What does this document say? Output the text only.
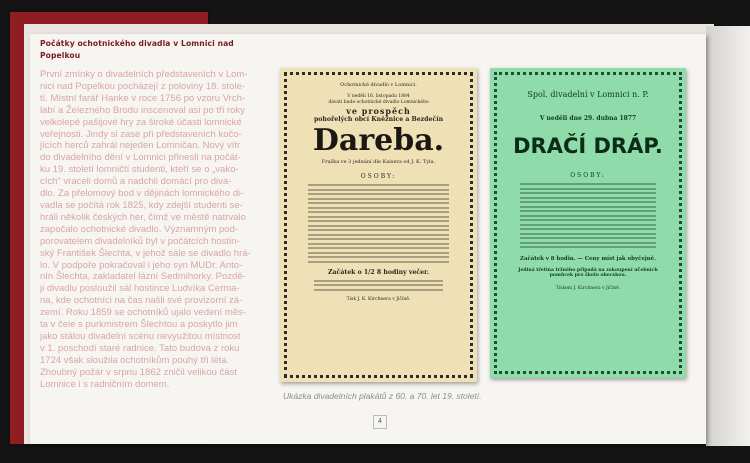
Počátky ochotnického divadla v Lomnici nad Popelkou

První zmínky o divadelních představeních v Lom-
nici nad Popelkou pocházejí z poloviny 18. stole-
tí. Místní farář Hanke v roce 1756 po vzoru Vrch-
labí a Železného Brodu inscenoval asi po tři roky
velkolepé pašijové hry za široké účasti lomnické
veřejnosti. Jindy si zase při představeních kočo-
jících herců zahrál nejeden Lomničan. Nový vítr
do divadelního dění v Lomnici přinesli na počát-
ku 19. století lomničtí studenti, kteří se o „vako-
cích" vraceli domů a nadchli domácí pro diva-
dlo. Za přelomový bod v dějinách lomnického di-
vadla se počítá rok 1825, kdy zdejší studenti se-
hráli několik českých her, čímž ve městě natrvalo
započalo ochotnické divadlo. Významným pod-
porovatelem divadelníků byl v počátcích hostin-
ský František Šlechta, v jehož sále se divadlo hrá-
lo. V podpoře pokračoval i jeho syn MUDr. Anto-
nín Šlechta, zakladatel lázní Sedmihorky. Pozdě-
ji divadlu posloužil sál hostince Ludvíka Cerma-
na, kde ochotníci na čas našli své provizorní zá-
zemí. Roku 1859 se ochotníků ujalo vedení měs-
ta v čele s purkmistrem Šlechtou a poskytlo jim
jako stálou divadelní scénu nevyužitou místnost
v 1. poschodí staré radnice. Tato budova z roku
1724 však sloužila ochotníkům pouhý tři léta.
Zhoubný požár v srpnu 1862 zničil velikou část
Lomnice i s radničním domem.

Ochotnické divadlo v Lomnici.
V neděli 16. listopadu 1884
dávati bude ochotnické divadlo Lomnického
ve prospěch
pohořelých obcí Kněžnice a Bezdečín
Dareba.
Fraška ve 3 jednání dle Kaisera od J. K. Tyla.
OSOBY:
Začátek o 1/2 8 hodiny večer.
Tisk J. K. Kirchnera v Jičíně.
Spol. divadelní v Lomnici n. P.
V neděli dne 29. dubna 1877
DRAČÍ DRÁP.
OSOBY:
Začátek v 8 hodin. — Ceny míst jak obyčejně.
Jediná třetina tržného připadá na zakoupení učebních
pomůcek pro školu obecskou.
Tiskem J. Kirchnera v Jičíně.
Ukázka divadelních plakátů z 60. a 70. let 19. století.
4
